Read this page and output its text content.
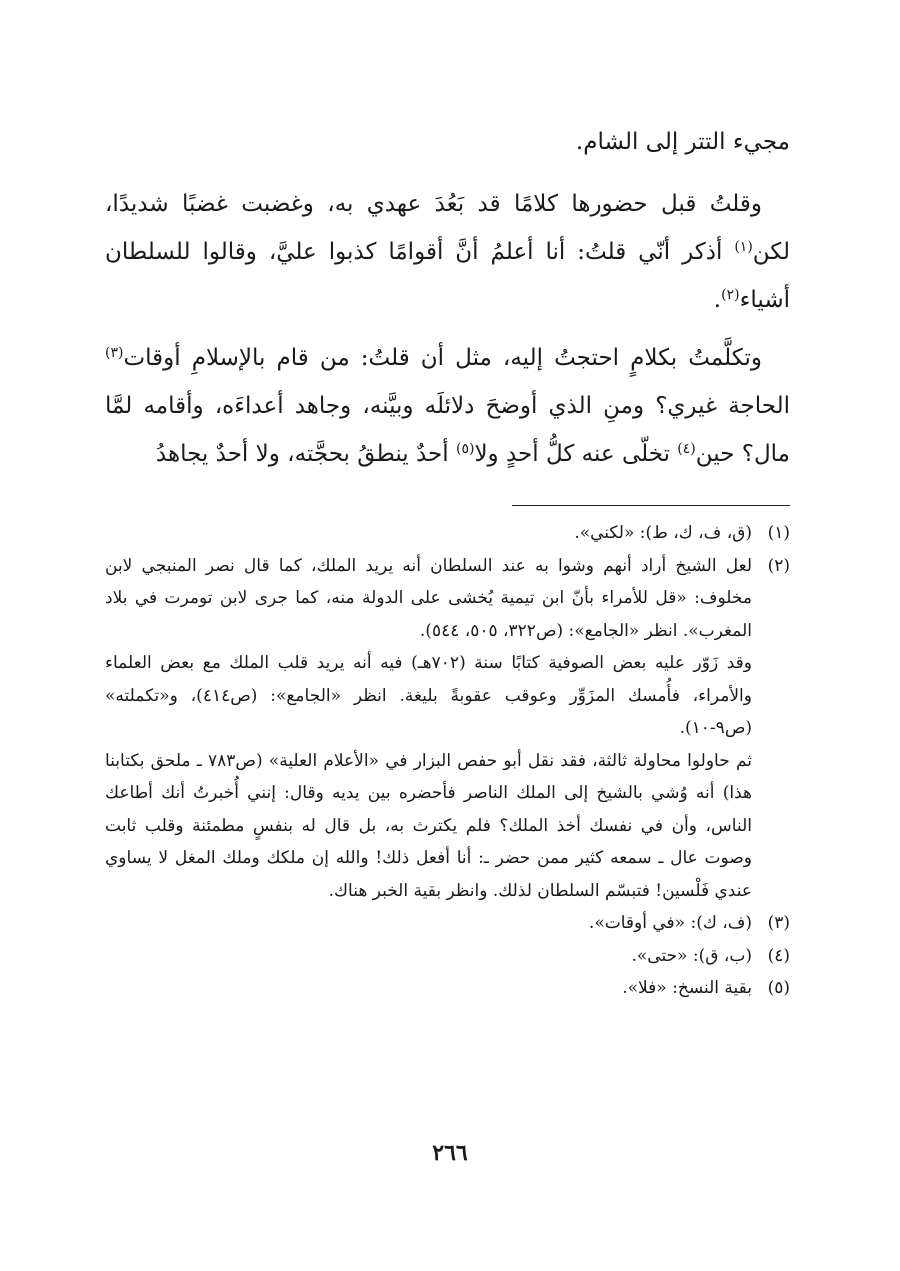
مجيء التتر إلى الشام.

وقلتُ قبل حضورها كلامًا قد بَعُدَ عهدي به، وغضبت غضبًا شديدًا، لكن$^{(١)}$ أذكر أنّي قلتُ: أنا أعلمُ أنَّ أقوامًا كذبوا عليَّ، وقالوا للسلطان أشياء$^{(٢)}$.

وتكلَّمتُ بكلامٍ احتجتُ إليه، مثل أن قلتُ: من قام بالإسلامِ أوقات$^{(٣)}$ الحاجة غيري؟ ومنِ الذي أوضحَ دلائلَه وبيَّنه، وجاهد أعداءَه، وأقامه لمَّا مال؟ حين$^{(٤)}$ تخلّى عنه كلُّ أحدٍ ولا$^{(٥)}$ أحدٌ ينطقُ بحجَّته، ولا أحدٌ يجاهدُ

(١)

(ق، ف، ك، ط): «لكني».

(٢)

لعل الشيخ أراد أنهم وشوا به عند السلطان أنه يريد الملك، كما قال نصر المنبجي لابن مخلوف: «قل للأمراء بأنّ ابن تيمية يُخشى على الدولة منه، كما جرى لابن تومرت في بلاد المغرب». انظر «الجامع»: (ص٣٢٢، ٥٠٥، ٥٤٤).

وقد زَوّر عليه بعض الصوفية كتابًا سنة (٧٠٢هـ) فيه أنه يريد قلب الملك مع بعض العلماء والأمراء، فأُمسك المزَوِّر وعوقب عقوبةً بليغة. انظر «الجامع»: (ص٤١٤)، و«تكملته» (ص٩-١٠).

ثم حاولوا محاولة ثالثة، فقد نقل أبو حفص البزار في «الأعلام العلية» (ص٧٨٣ ـ ملحق بكتابنا هذا) أنه وُشي بالشيخ إلى الملك الناصر فأحضره بين يديه وقال: إنني أُخبرتُ أنك أطاعك الناس، وأن في نفسك أخذ الملك؟ فلم يكترث به، بل قال له بنفسٍ مطمئنة وقلب ثابت وصوت عال ـ سمعه كثير ممن حضر ـ: أنا أفعل ذلك! والله إن ملكك وملك المغل لا يساوي عندي فَلْسين! فتبسّم السلطان لذلك. وانظر بقية الخبر هناك.

(٣)

(ف، ك): «في أوقات».

(٤)

(ب، ق): «حتى».

(٥)

بقية النسخ: «فلا».

٢٦٦
